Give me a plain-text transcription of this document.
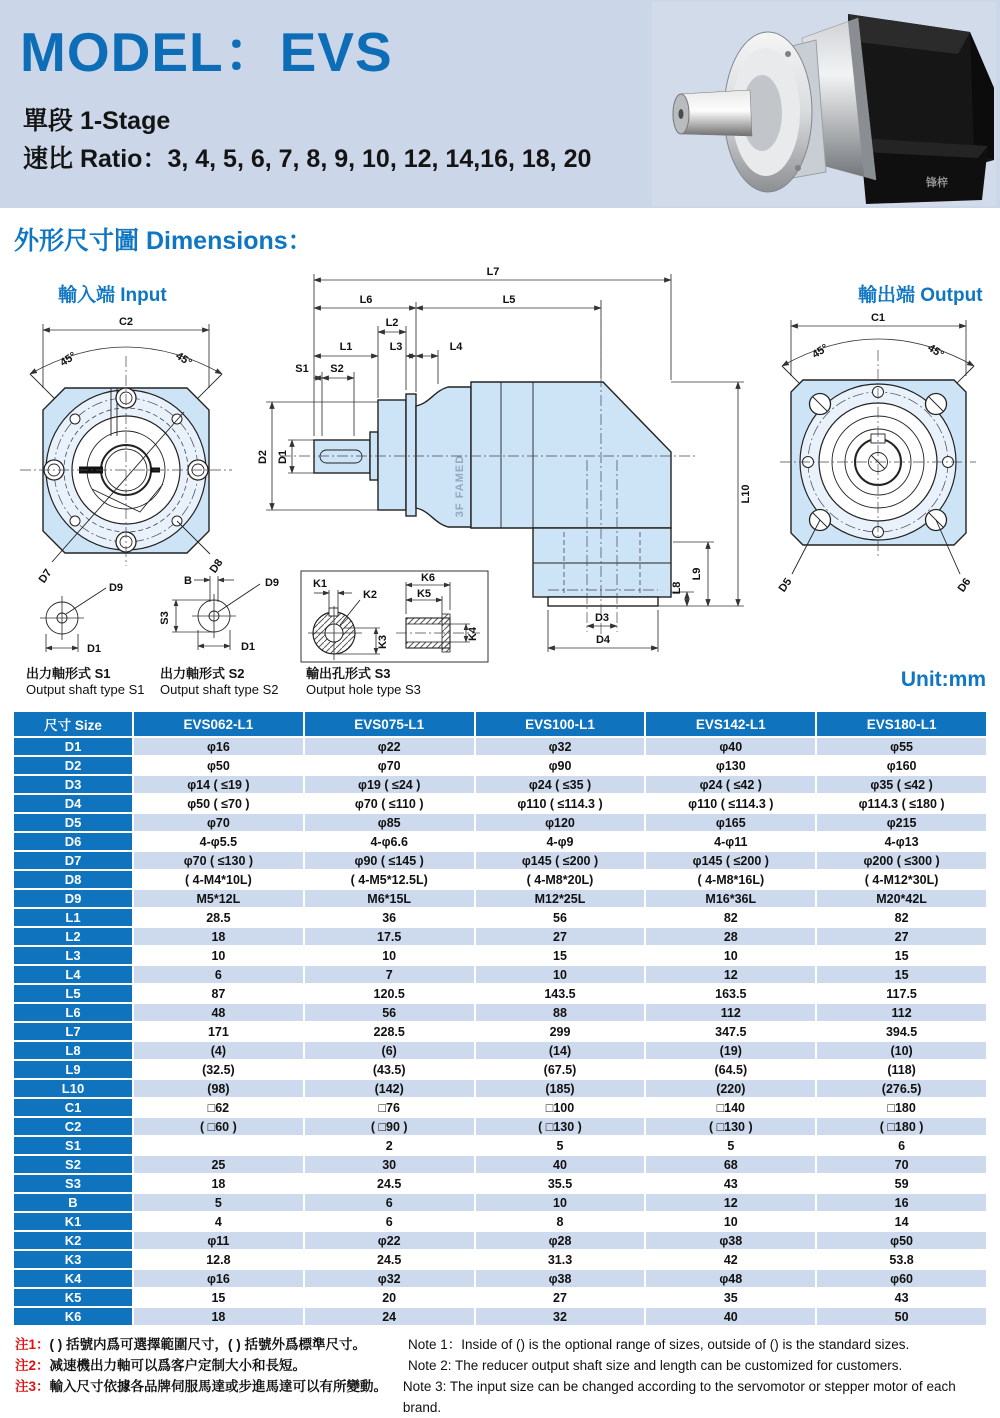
MODEL：EVS
單段 1-Stage
速比 Ratio：3, 4, 5, 6, 7, 8, 9, 10, 12, 14,16, 18, 20
锋梓
外形尺寸圖 Dimensions：
輸入端 Input	輸出端 Output
C2
45°	45°
D7
D8
L7
L6	L5
L2
L1	L3	L4
S1 S2
D1
D2
L10
L9
L8
3F FAMED
D3
D4
C1
45°	45°
D5	D6
D9
D1
B
S3
D9
D1
K1
K2
K3
K6
K5
K4
出力軸形式 S1
Output shaft type S1
出力軸形式 S2
Output shaft type S2
輸出孔形式 S3
Output hole type S3	Unit:mm
尺寸 Size	EVS062-L1	EVS075-L1	EVS100-L1	EVS142-L1	EVS180-L1
D1	φ16	φ22	φ32	φ40	φ55
D2	φ50	φ70	φ90	φ130	φ160
D3	φ14 ( ≤19 )	φ19 ( ≤24 )	φ24 ( ≤35 )	φ24 ( ≤42 )	φ35 ( ≤42 )
D4	φ50 ( ≤70 )	φ70 ( ≤110 )	φ110 ( ≤114.3 )	φ110 ( ≤114.3 )	φ114.3 ( ≤180 )
D5	φ70	φ85	φ120	φ165	φ215
D6	4-φ5.5	4-φ6.6	4-φ9	4-φ11	4-φ13
D7	φ70 ( ≤130 )	φ90 ( ≤145 )	φ145 ( ≤200 )	φ145 ( ≤200 )	φ200 ( ≤300 )
D8	( 4-M4*10L)	( 4-M5*12.5L)	( 4-M8*20L)	( 4-M8*16L)	( 4-M12*30L)
D9	M5*12L	M6*15L	M12*25L	M16*36L	M20*42L
L1	28.5	36	56	82	82
L2	18	17.5	27	28	27
L3	10	10	15	10	15
L4	6	7	10	12	15
L5	87	120.5	143.5	163.5	117.5
L6	48	56	88	112	112
L7	171	228.5	299	347.5	394.5
L8	(4)	(6)	(14)	(19)	(10)
L9	(32.5)	(43.5)	(67.5)	(64.5)	(118)
L10	(98)	(142)	(185)	(220)	(276.5)
C1	□62	□76	□100	□140	□180
C2	( □60 )	( □90 )	( □130 )	( □130 )	( □180 )
S1		2	5	5	6
S2	25	30	40	68	70
S3	18	24.5	35.5	43	59
B	5	6	10	12	16
K1	4	6	8	10	14
K2	φ11	φ22	φ28	φ38	φ50
K3	12.8	24.5	31.3	42	53.8
K4	φ16	φ32	φ38	φ48	φ60
K5	15	20	27	35	43
K6	18	24	32	40	50
注1：( ) 括號内爲可選擇範圍尺寸，( ) 括號外爲標準尺寸。	Note 1：Inside of () is the optional range of sizes, outside of () is the standard sizes.
注2：减速機出力軸可以爲客户定制大小和長短。	Note 2: The reducer output shaft size and length can be customized for customers.
注3：輸入尺寸依據各品牌伺服馬達或步進馬達可以有所變動。	Note 3: The input size can be changed according to the servomotor or stepper motor of each brand.
